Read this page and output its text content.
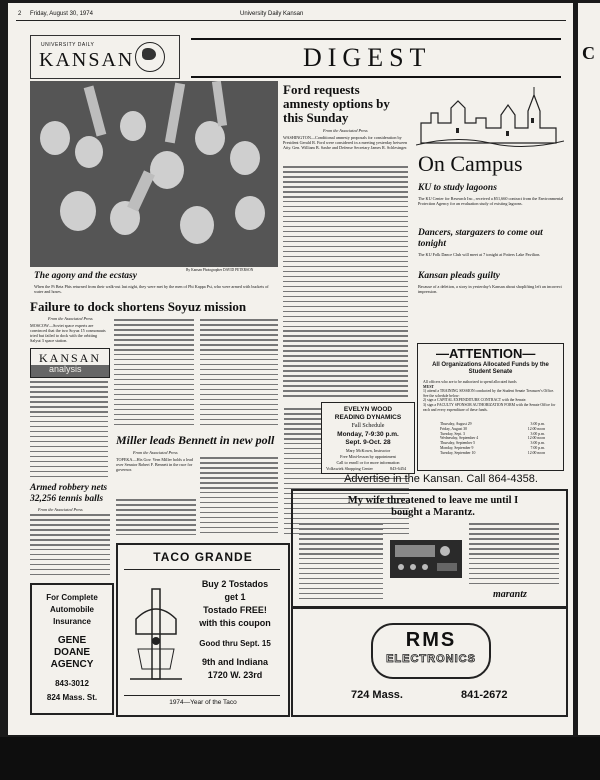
2 Friday, August 30, 1974	University Daily Kansan
UNIVERSITY DAILY
KANSAN	DIGEST
By Kansan Photographer DAVID PETERSON
The agony and the ecstasy
When the Pi Beta Phis returned from their walk-out last night, they were met by the men of Phi Kappa Psi, who were armed with buckets of water and hoses.
Ford requests amnesty options by this Sunday
From the Associated Press
WASHINGTON—Conditional amnesty proposals for consideration by President Gerald R. Ford were considered in a meeting yesterday between Atty. Gen. William B. Saxbe and Defense Secretary James R. Schlesinger.
On Campus
KU to study lagoons
The KU Center for Research Inc., received a $51,660 contract from the Environmental Protection Agency for an evaluation study of existing lagoons.
Dancers, stargazers to come out tonight
The KU Folk Dance Club will meet at 7 tonight at Potters Lake Pavilion.
Kansan pleads guilty
Because of a deletion, a story in yesterday's Kansan about shoplifting left an incorrect impression.
—ATTENTION—
All Organizations Allocated Funds by the Student Senate
All officers who are to be authorized to spend allocated funds
MUST
1) attend a TRAINING SESSION conducted by the Student Senate Treasurer's Office. See the schedule below:
2) sign a CAPITAL EXPENDITURE CONTRACT with the Senate.
3) sign a FACULTY SPONSOR AUTHORIZATION FORM with the Senate Office for each and every expenditure of these funds.
Thursday, August 29	3:00 p.m.
Friday, August 30	12:00 noon
Tuesday, Sept. 3	3:00 p.m.
Wednesday, September 4	12:00 noon
Thursday, September 5	3:00 p.m.
Monday, September 9	7:00 p.m.
Tuesday, September 10	12:00 noon
Failure to dock shortens Soyuz mission
From the Associated Press
MOSCOW—Soviet space experts are convinced that the two Soyuz 15 cosmonauts tried but failed to dock with the orbiting Salyut 3 space station.
KANSAN
analysis
Miller leads Bennett in new poll
From the Associated Press
TOPEKA—His Gov. Vern Miller holds a lead over Senator Robert F. Bennett in the race for governor.
Armed robbery nets 32,256 tennis balls
From the Associated Press
EVELYN WOOD
READING DYNAMICS
Fall Schedule
Monday, 7-9:30 p.m.
Sept. 9-Oct. 28
Mary McKown, Instructor
Free Mini-lesson by appointment
Call to enroll or for more information
Volkswiek Shopping Center	843-6454
Advertise in the Kansan. Call 864-4358.
For Complete
Automobile
Insurance
GENE
DOANE
AGENCY
843-3012
824 Mass. St.
TACO GRANDE
Buy 2 Tostados
get 1
Tostado FREE!
with this coupon
Good thru Sept. 15
9th and Indiana
1720 W. 23rd
1974—Year of the Taco
My wife threatened to leave me until I bought a Marantz.
marantz
RMS
ELECTRONICS
724 Mass.	841-2672
C
